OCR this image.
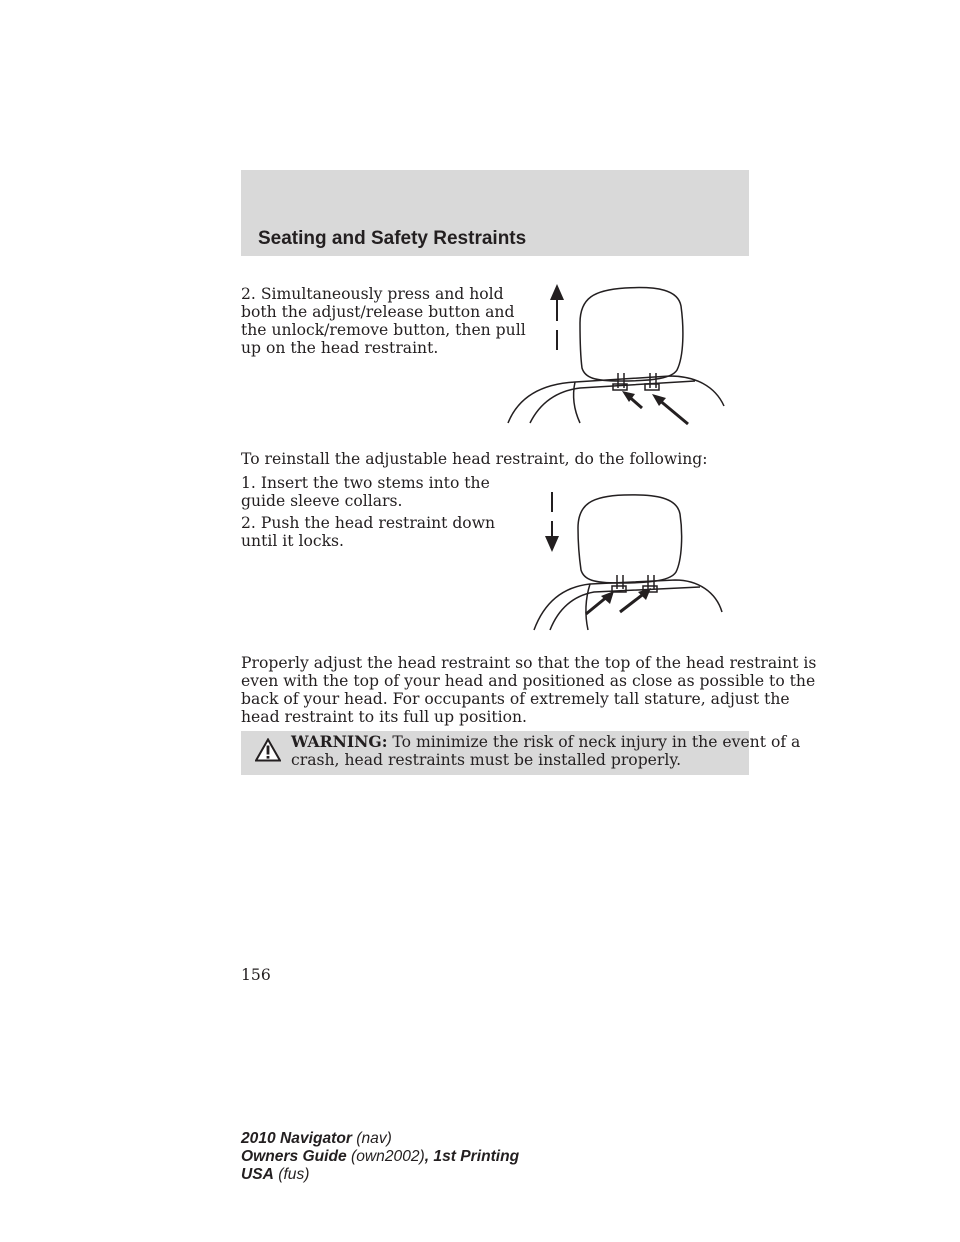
Seating and Safety Restraints

2. Simultaneously press and hold
both the adjust/release button and
the unlock/remove button, then pull
up on the head restraint.

To reinstall the adjustable head restraint, do the following:

1. Insert the two stems into the
guide sleeve collars.

2. Push the head restraint down
until it locks.

Properly adjust the head restraint so that the top of the head restraint is
even with the top of your head and positioned as close as possible to the
back of your head. For occupants of extremely tall stature, adjust the
head restraint to its full up position.

WARNING: To minimize the risk of neck injury in the event of a
crash, head restraints must be installed properly.

156
2010 Navigator (nav)
Owners Guide (own2002), 1st Printing
USA (fus)
